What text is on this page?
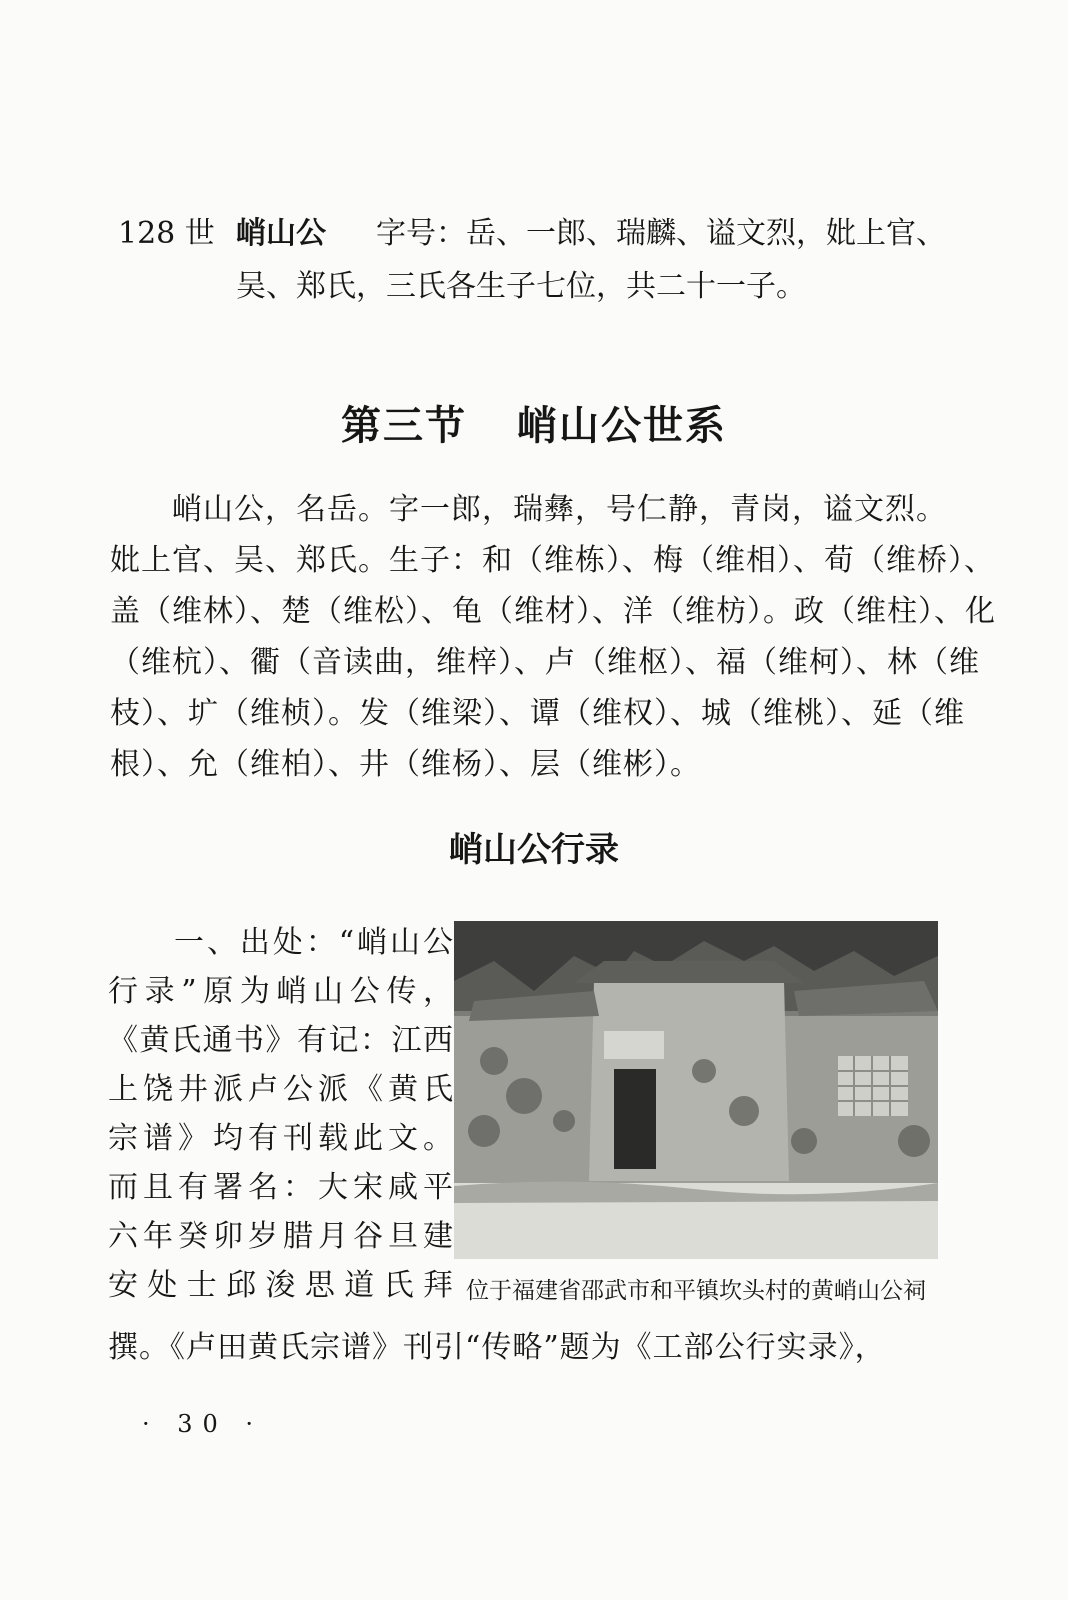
128 世 峭山公 字号：岳、一郎、瑞麟、谥文烈，妣上官、
吴、郑氏，三氏各生子七位，共二十一子。
第三节 峭山公世系
　　峭山公，名岳。字一郎，瑞彝，号仁静，青岗，谥文烈。
妣上官、吴、郑氏。生子：和（维栋）、梅（维相）、荀（维桥）、
盖（维林）、楚（维松）、龟（维材）、洋（维枋）。政（维柱）、化
（维杭）、衢（音读曲，维梓）、卢（维枢）、福（维柯）、林（维
枝）、圹（维桢）。发（维梁）、谭（维权）、城（维桃）、延（维
根）、允（维柏）、井（维杨）、层（维彬）。
峭山公行录
一、出处：“峭山公
行录”原为峭山公传，
《黄氏通书》有记：江西
上饶井派卢公派《黄氏
宗谱》均有刊载此文。
而且有署名：大宋咸平
六年癸卯岁腊月谷旦建
安处士邱浚思道氏拜 位于福建省邵武市和平镇坎头村的黄峭山公祠
撰。《卢田黄氏宗谱》刊引“传略”题为《工部公行实录》，
· 30 ·
